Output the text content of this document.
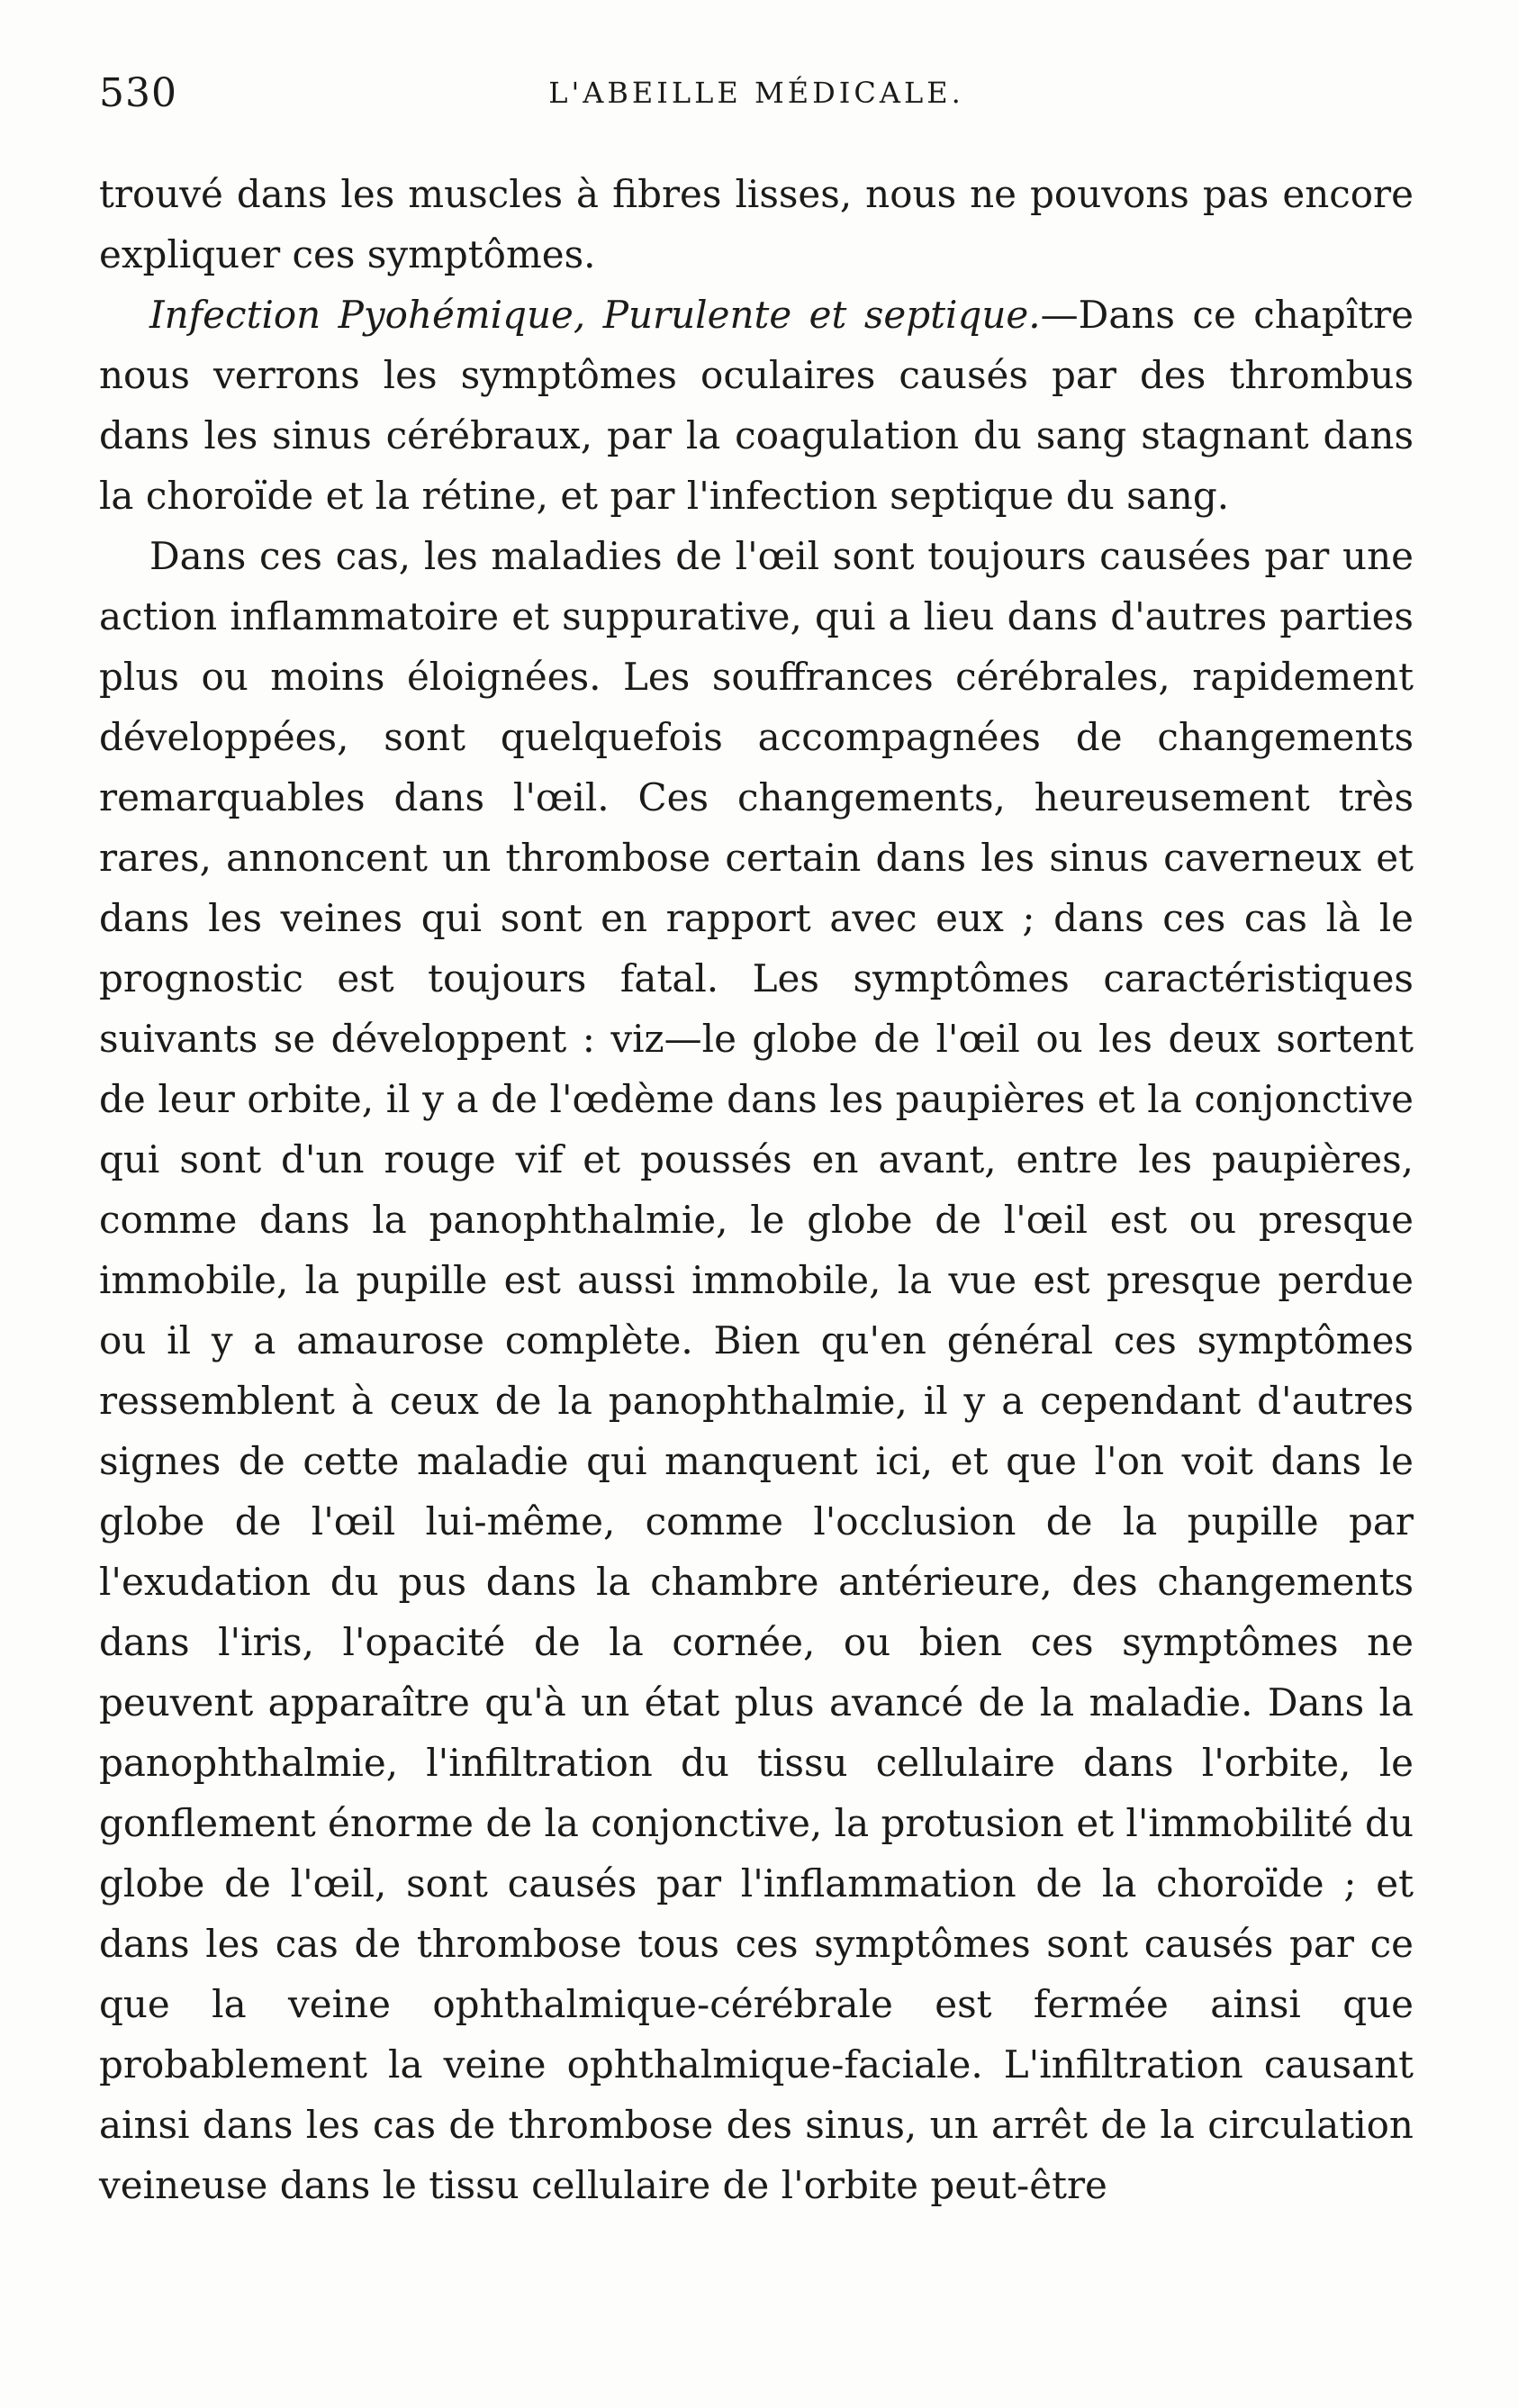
530	L'ABEILLE MÉDICALE.

trouvé dans les muscles à fibres lisses, nous ne pouvons pas encore expliquer ces symptômes.

Infection Pyohémique, Purulente et septique.—Dans ce chapître nous verrons les symptômes oculaires causés par des thrombus dans les sinus cérébraux, par la coagulation du sang stagnant dans la choroïde et la rétine, et par l'infection septique du sang.

Dans ces cas, les maladies de l'œil sont toujours causées par une action inflammatoire et suppurative, qui a lieu dans d'autres parties plus ou moins éloignées. Les souffrances cérébrales, rapidement développées, sont quelquefois accompagnées de changements remarquables dans l'œil. Ces changements, heureusement très rares, annoncent un thrombose certain dans les sinus caverneux et dans les veines qui sont en rapport avec eux ; dans ces cas là le prognostic est toujours fatal. Les symptômes caractéristiques suivants se développent : viz—le globe de l'œil ou les deux sortent de leur orbite, il y a de l'œdème dans les paupières et la conjonctive qui sont d'un rouge vif et poussés en avant, entre les paupières, comme dans la panophthalmie, le globe de l'œil est ou presque immobile, la pupille est aussi immobile, la vue est presque perdue ou il y a amaurose complète. Bien qu'en général ces symptômes ressemblent à ceux de la panophthalmie, il y a cependant d'autres signes de cette maladie qui manquent ici, et que l'on voit dans le globe de l'œil lui-même, comme l'occlusion de la pupille par l'exudation du pus dans la chambre antérieure, des changements dans l'iris, l'opacité de la cornée, ou bien ces symptômes ne peuvent apparaître qu'à un état plus avancé de la maladie. Dans la panophthalmie, l'infiltration du tissu cellulaire dans l'orbite, le gonflement énorme de la conjonctive, la protusion et l'immobilité du globe de l'œil, sont causés par l'inflammation de la choroïde ; et dans les cas de thrombose tous ces symptômes sont causés par ce que la veine ophthalmique-cérébrale est fermée ainsi que probablement la veine ophthalmique-faciale. L'infiltration causant ainsi dans les cas de thrombose des sinus, un arrêt de la circulation veineuse dans le tissu cellulaire de l'orbite peut-être
